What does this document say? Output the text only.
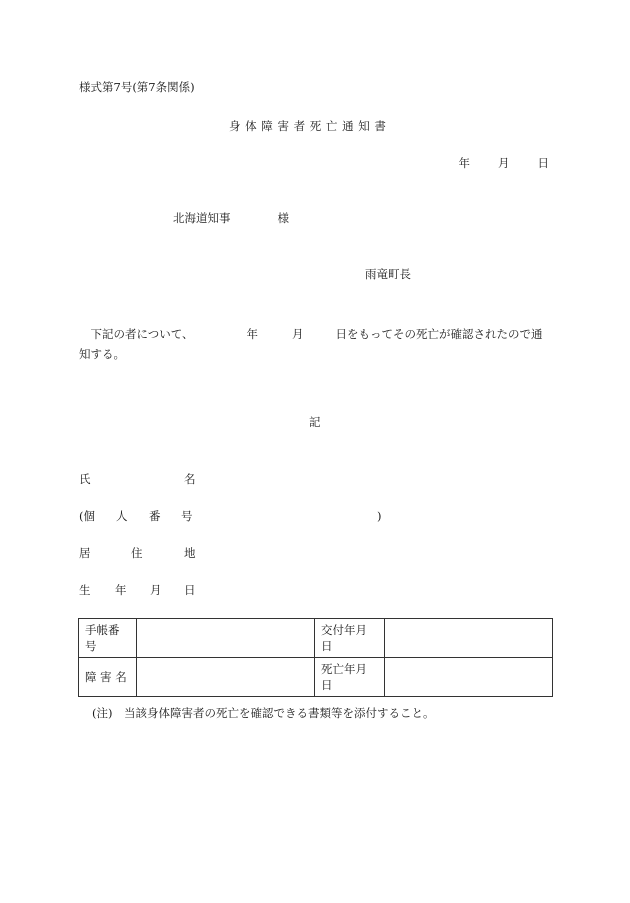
様式第7号(第7条関係)
身 体 障 害 者 死 亡 通 知 書
年 月 日
北海道知事	様
雨竜町長
 下記の者について、	年	月	日をもってその死亡が確認されたので通知する。
記
氏	名
(個 人 番 号	)
居	住	地
生 年 月 日
手帳番号		交付年月日	
障 害 名		死亡年月日	
(注)　当該身体障害者の死亡を確認できる書類等を添付すること。
